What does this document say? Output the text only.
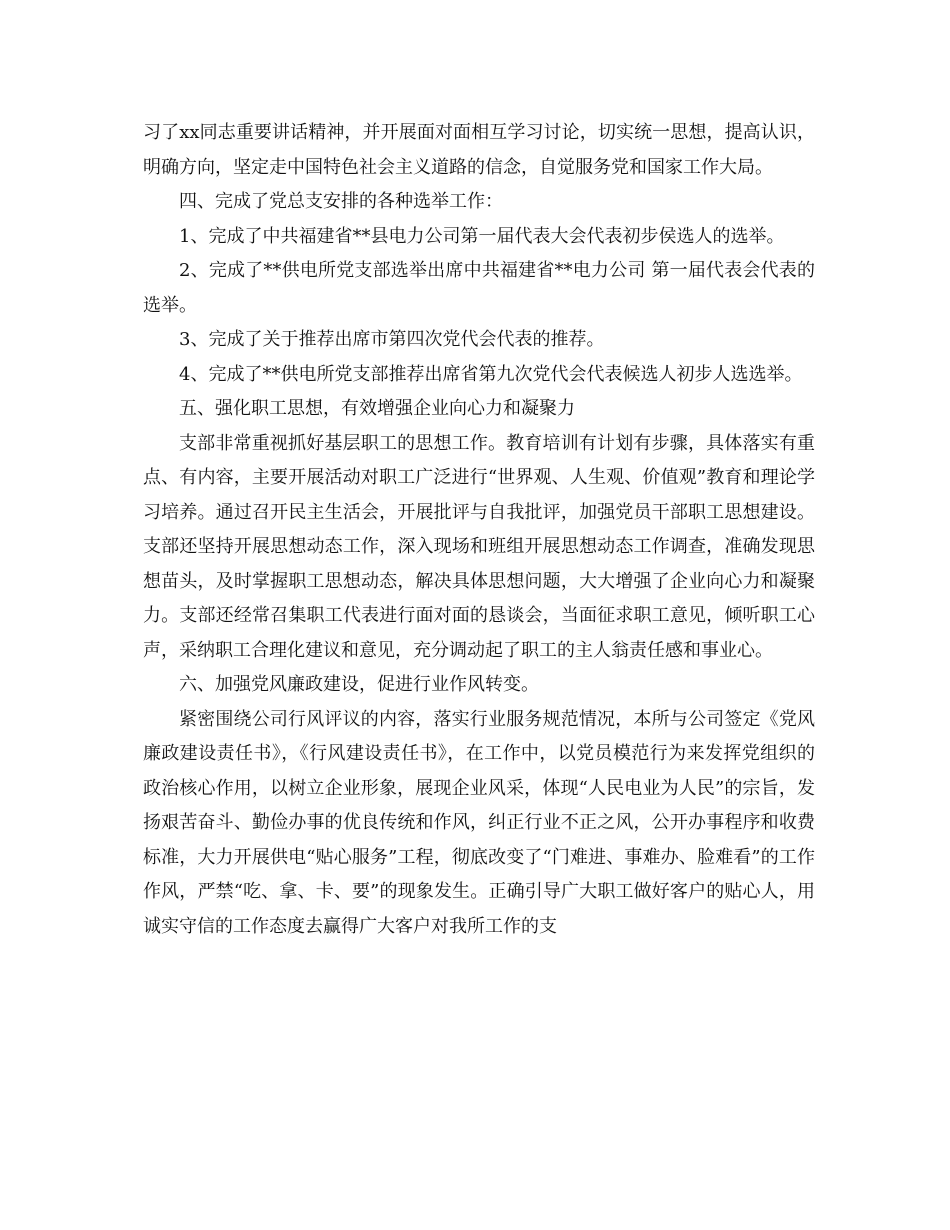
习了xx同志重要讲话精神，并开展面对面相互学习讨论，切实统一思想，提高认识，明确方向，坚定走中国特色社会主义道路的信念，自觉服务党和国家工作大局。

四、完成了党总支安排的各种选举工作：

1、完成了中共福建省**县电力公司第一届代表大会代表初步侯选人的选举。

2、完成了**供电所党支部选举出席中共福建省**电力公司 第一届代表会代表的选举。

3、完成了关于推荐出席市第四次党代会代表的推荐。

4、完成了**供电所党支部推荐出席省第九次党代会代表候选人初步人选选举。

五、强化职工思想，有效增强企业向心力和凝聚力

支部非常重视抓好基层职工的思想工作。教育培训有计划有步骤，具体落实有重点、有内容，主要开展活动对职工广泛进行“世界观、人生观、价值观”教育和理论学习培养。通过召开民主生活会，开展批评与自我批评，加强党员干部职工思想建设。支部还坚持开展思想动态工作，深入现场和班组开展思想动态工作调查，准确发现思想苗头，及时掌握职工思想动态，解决具体思想问题，大大增强了企业向心力和凝聚力。支部还经常召集职工代表进行面对面的恳谈会，当面征求职工意见，倾听职工心声，采纳职工合理化建议和意见，充分调动起了职工的主人翁责任感和事业心。

六、加强党风廉政建设，促进行业作风转变。

紧密围绕公司行风评议的内容，落实行业服务规范情况，本所与公司签定《党风廉政建设责任书》，《行风建设责任书》，在工作中，以党员模范行为来发挥党组织的政治核心作用，以树立企业形象，展现企业风采，体现“人民电业为人民”的宗旨，发扬艰苦奋斗、勤俭办事的优良传统和作风，纠正行业不正之风，公开办事程序和收费标准，大力开展供电“贴心服务”工程，彻底改变了“门难进、事难办、脸难看”的工作作风，严禁“吃、拿、卡、要”的现象发生。正确引导广大职工做好客户的贴心人，用诚实守信的工作态度去赢得广大客户对我所工作的支
